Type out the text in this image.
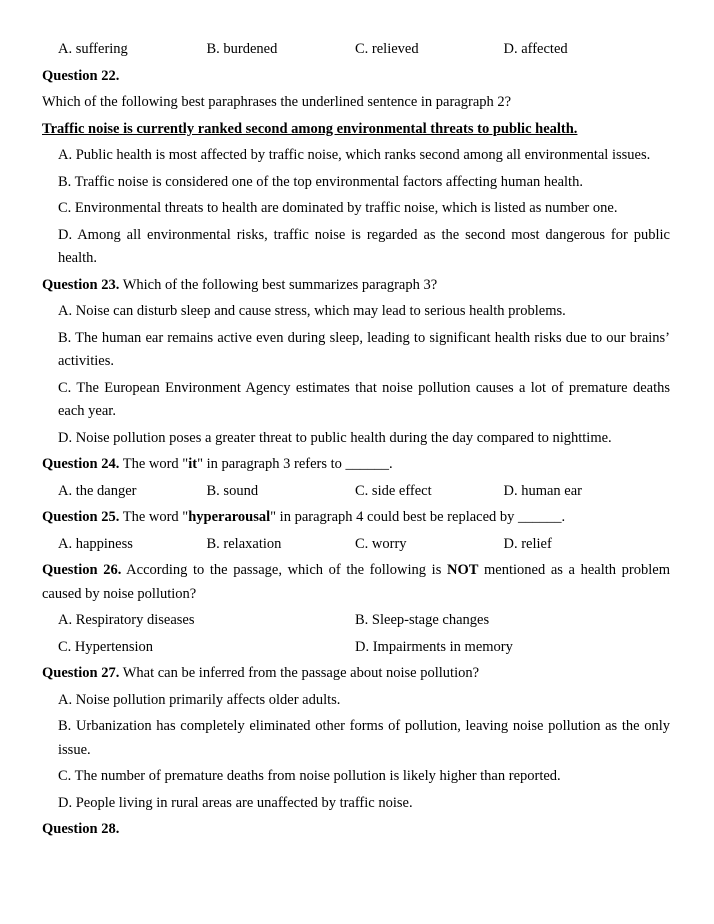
A. suffering	B. burdened	C. relieved	D. affected
Question 22.
Which of the following best paraphrases the underlined sentence in paragraph 2?
Traffic noise is currently ranked second among environmental threats to public health.
A. Public health is most affected by traffic noise, which ranks second among all environmental issues.
B. Traffic noise is considered one of the top environmental factors affecting human health.
C. Environmental threats to health are dominated by traffic noise, which is listed as number one.
D. Among all environmental risks, traffic noise is regarded as the second most dangerous for public health.
Question 23. Which of the following best summarizes paragraph 3?
A. Noise can disturb sleep and cause stress, which may lead to serious health problems.
B. The human ear remains active even during sleep, leading to significant health risks due to our brains’ activities.
C. The European Environment Agency estimates that noise pollution causes a lot of premature deaths each year.
D. Noise pollution poses a greater threat to public health during the day compared to nighttime.
Question 24. The word "it" in paragraph 3 refers to ______.
A. the danger	B. sound	C. side effect	D. human ear
Question 25. The word "hyperarousal" in paragraph 4 could best be replaced by ______.
A. happiness	B. relaxation	C. worry	D. relief
Question 26. According to the passage, which of the following is NOT mentioned as a health problem caused by noise pollution?
A. Respiratory diseases	B. Sleep-stage changes
C. Hypertension	D. Impairments in memory
Question 27. What can be inferred from the passage about noise pollution?
A. Noise pollution primarily affects older adults.
B. Urbanization has completely eliminated other forms of pollution, leaving noise pollution as the only issue.
C. The number of premature deaths from noise pollution is likely higher than reported.
D. People living in rural areas are unaffected by traffic noise.
Question 28.
